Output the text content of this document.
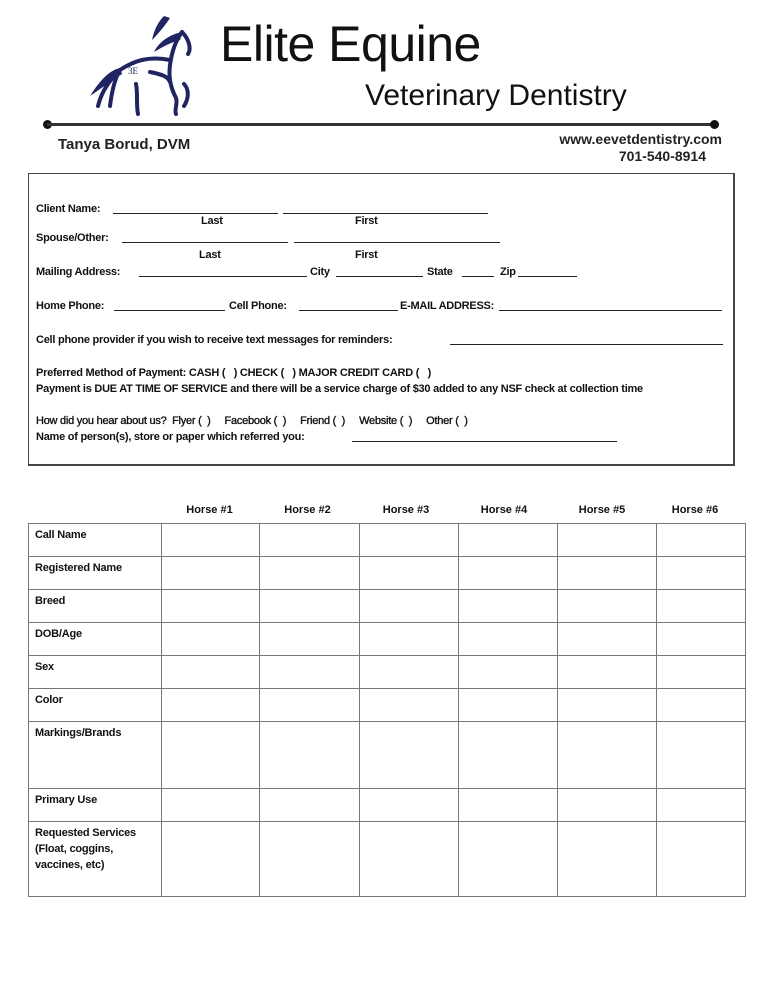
3E Elite Equine
Veterinary Dentistry
Tanya Borud, DVM	www.eevetdentistry.com
701-540-8914
Client Name:
Last	First
Spouse/Other:
Last	First
Mailing Address:	City	State	Zip
Home Phone:	Cell Phone:	E-MAIL ADDRESS:
Cell phone provider if you wish to receive text messages for reminders:
Preferred Method of Payment: CASH (   ) CHECK (   ) MAJOR CREDIT CARD (   )
Payment is DUE AT TIME OF SERVICE and there will be a service charge of $30 added to any NSF check at collection time
How did you hear about us?  Flyer (  )     Facebook (  )     Friend (  )     Website (  )     Other (  )
Name of person(s), store or paper which referred you:
Horse #1	Horse #2	Horse #3	Horse #4	Horse #5	Horse #6
Call Name						
Registered Name						
Breed						
DOB/Age						
Sex						
Color						
Markings/Brands						
Primary Use						
Requested Services (Float, coggins, vaccines, etc)						
